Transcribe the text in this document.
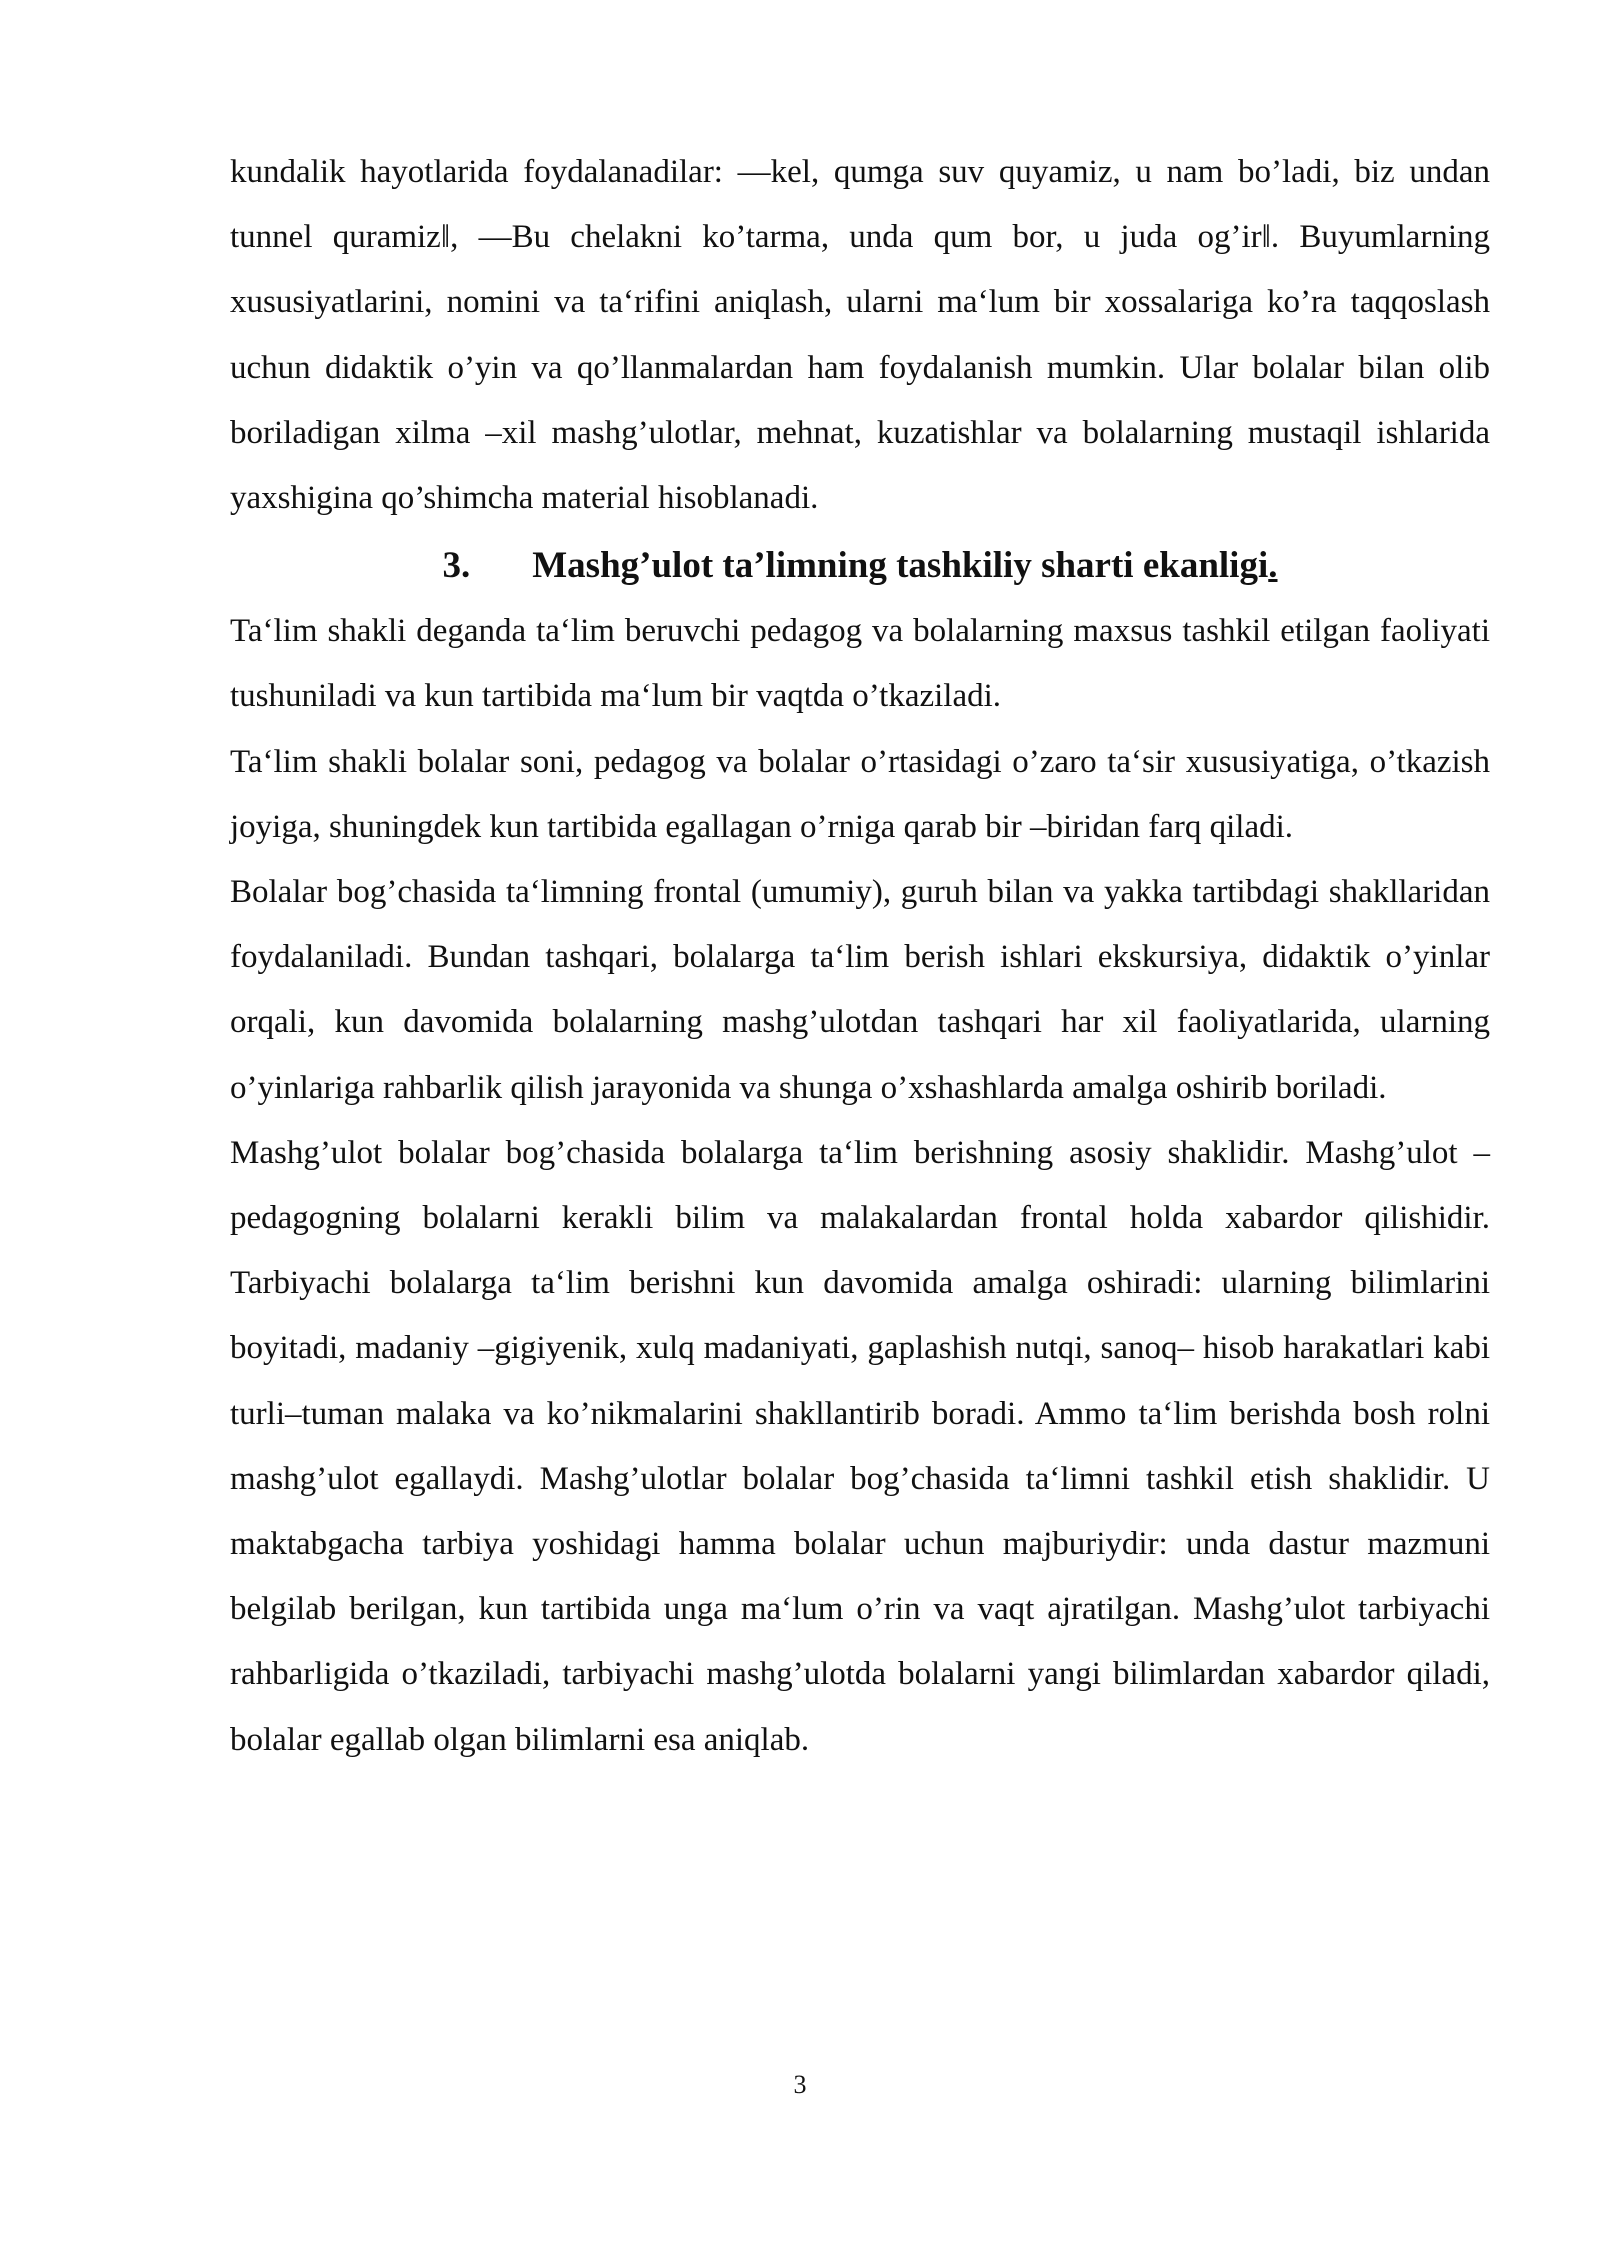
kundalik hayotlarida foydalanadilar: ―kel, qumga suv quyamiz, u nam bo’ladi, biz undan tunnel quramiz‖, ―Bu chelakni ko’tarma, unda qum bor, u juda og’ir‖. Buyumlarning xususiyatlarini, nomini va ta‘rifini aniqlash, ularni ma‘lum bir xossalariga ko’ra taqqoslash uchun didaktik o’yin va qo’llanmalardan ham foydalanish mumkin. Ular bolalar bilan olib boriladigan xilma –xil mashg’ulotlar, mehnat, kuzatishlar va bolalarning mustaqil ishlarida yaxshigina qo’shimcha material hisoblanadi.

3. Mashg’ulot ta’limning tashkiliy sharti ekanligi.

Ta‘lim shakli deganda ta‘lim beruvchi pedagog va bolalarning maxsus tashkil etilgan faoliyati tushuniladi va kun tartibida ma‘lum bir vaqtda o’tkaziladi.

Ta‘lim shakli bolalar soni, pedagog va bolalar o’rtasidagi o’zaro ta‘sir xususiyatiga, o’tkazish joyiga, shuningdek kun tartibida egallagan o’rniga qarab bir –biridan farq qiladi.

Bolalar bog’chasida ta‘limning frontal (umumiy), guruh bilan va yakka tartibdagi shakllaridan foydalaniladi. Bundan tashqari, bolalarga ta‘lim berish ishlari ekskursiya, didaktik o’yinlar orqali, kun davomida bolalarning mashg’ulotdan tashqari har xil faoliyatlarida, ularning o’yinlariga rahbarlik qilish jarayonida va shunga o’xshashlarda amalga oshirib boriladi.

Mashg’ulot bolalar bog’chasida bolalarga ta‘lim berishning asosiy shaklidir. Mashg’ulot –pedagogning bolalarni kerakli bilim va malakalardan frontal holda xabardor qilishidir. Tarbiyachi bolalarga ta‘lim berishni kun davomida amalga oshiradi: ularning bilimlarini boyitadi, madaniy –gigiyenik, xulq madaniyati, gaplashish nutqi, sanoq– hisob harakatlari kabi turli–tuman malaka va ko’nikmalarini shakllantirib boradi. Ammo ta‘lim berishda bosh rolni mashg’ulot egallaydi. Mashg’ulotlar bolalar bog’chasida ta‘limni tashkil etish shaklidir. U maktabgacha tarbiya yoshidagi hamma bolalar uchun majburiydir: unda dastur mazmuni belgilab berilgan, kun tartibida unga ma‘lum o’rin va vaqt ajratilgan. Mashg’ulot tarbiyachi rahbarligida o’tkaziladi, tarbiyachi mashg’ulotda bolalarni yangi bilimlardan xabardor qiladi, bolalar egallab olgan bilimlarni esa aniqlab.

3
